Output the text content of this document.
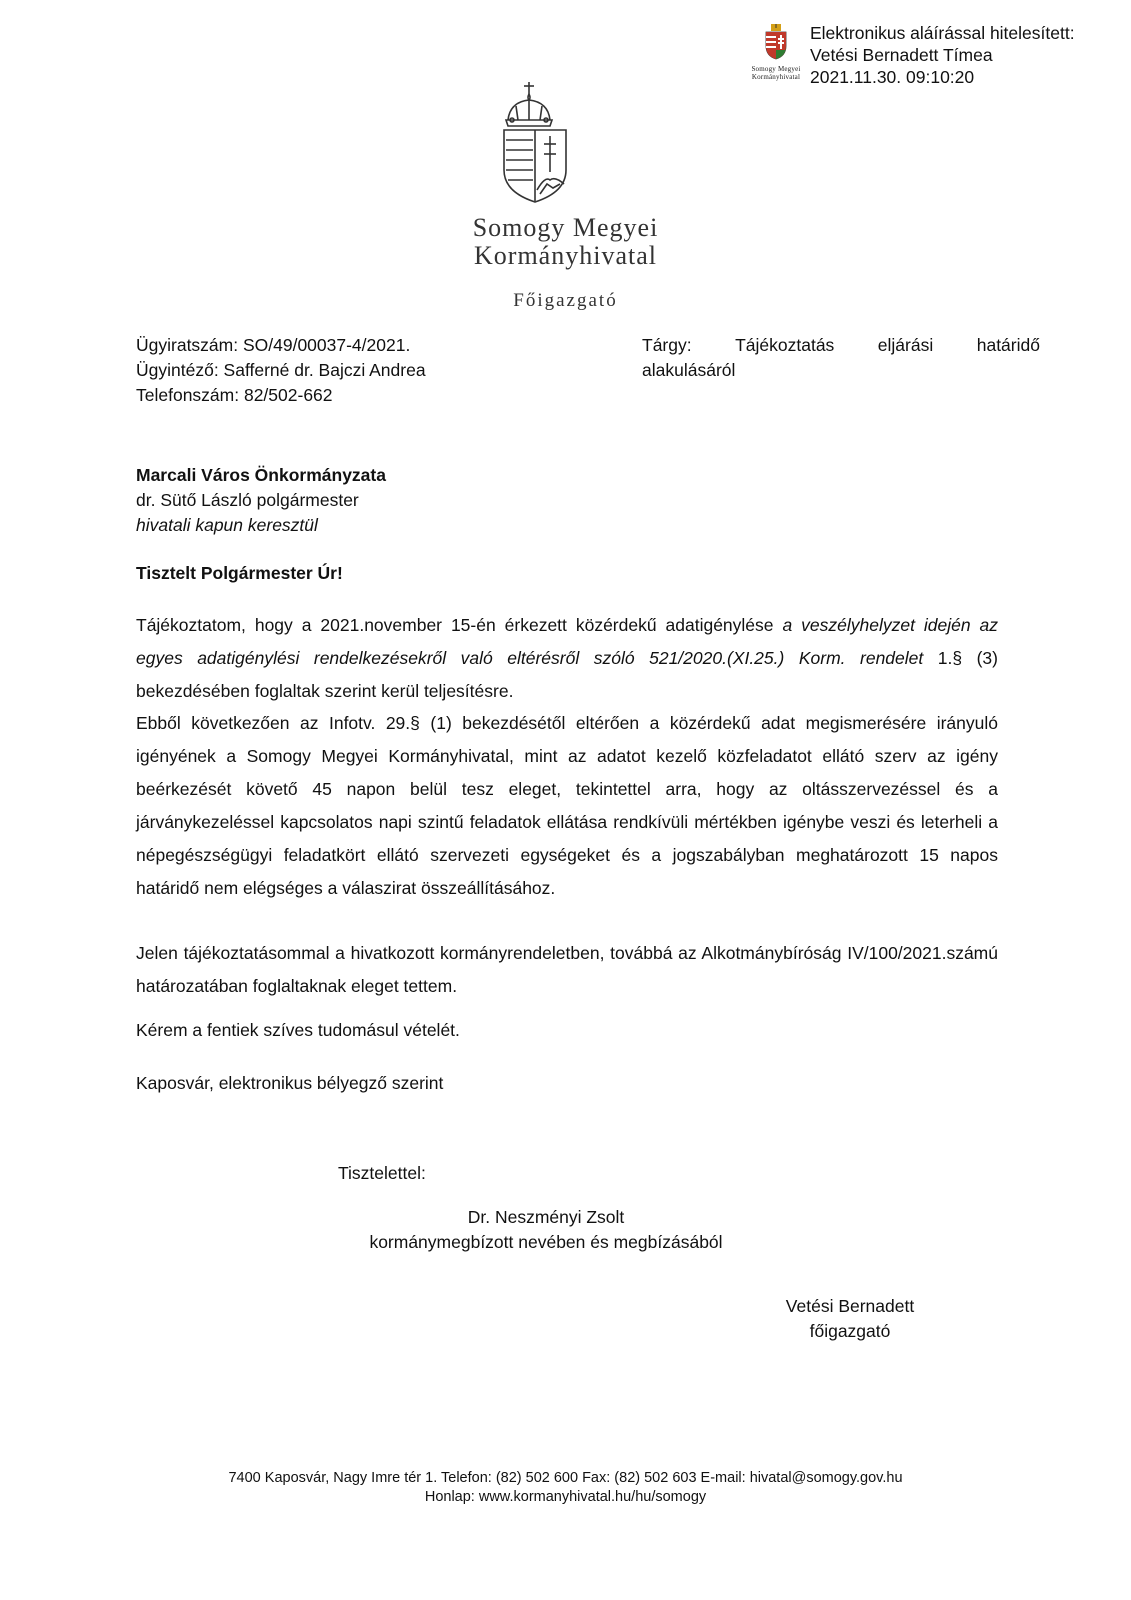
Somogy Megyei
Kormányhivatal
Elektronikus aláírással hitelesített:
Vetési Bernadett Tímea
2021.11.30. 09:10:20
Somogy Megyei
Kormányhivatal
Főigazgató
Ügyiratszám: SO/49/00037-4/2021.
Ügyintéző: Safferné dr. Bajczi Andrea
Telefonszám: 82/502-662
Tárgy: Tájékoztatás eljárási határidő
alakulásáról
Marcali Város Önkormányzata
dr. Sütő László polgármester
hivatali kapun keresztül
Tisztelt Polgármester Úr!
Tájékoztatom, hogy a 2021.november 15-én érkezett közérdekű adatigénylése a veszélyhelyzet idején az egyes adatigénylési rendelkezésekről való eltérésről szóló 521/2020.(XI.25.) Korm. rendelet 1.§ (3) bekezdésében foglaltak szerint kerül teljesítésre.
Ebből következően az Infotv. 29.§ (1) bekezdésétől eltérően a közérdekű adat megismerésére irányuló igényének a Somogy Megyei Kormányhivatal, mint az adatot kezelő közfeladatot ellátó szerv az igény beérkezését követő 45 napon belül tesz eleget, tekintettel arra, hogy az oltásszervezéssel és a járványkezeléssel kapcsolatos napi szintű feladatok ellátása rendkívüli mértékben igénybe veszi és leterheli a népegészségügyi feladatkört ellátó szervezeti egységeket és a jogszabályban meghatározott 15 napos határidő nem elégséges a válaszirat összeállításához.
Jelen tájékoztatásommal a hivatkozott kormányrendeletben, továbbá az Alkotmánybíróság IV/100/2021.számú határozatában foglaltaknak eleget tettem.
Kérem a fentiek szíves tudomásul vételét.
Kaposvár, elektronikus bélyegző szerint
Tisztelettel:
Dr. Neszményi Zsolt
kormánymegbízott nevében és megbízásából
Vetési Bernadett
főigazgató
7400 Kaposvár, Nagy Imre tér 1. Telefon: (82) 502 600 Fax: (82) 502 603 E-mail: hivatal@somogy.gov.hu
Honlap: www.kormanyhivatal.hu/hu/somogy
